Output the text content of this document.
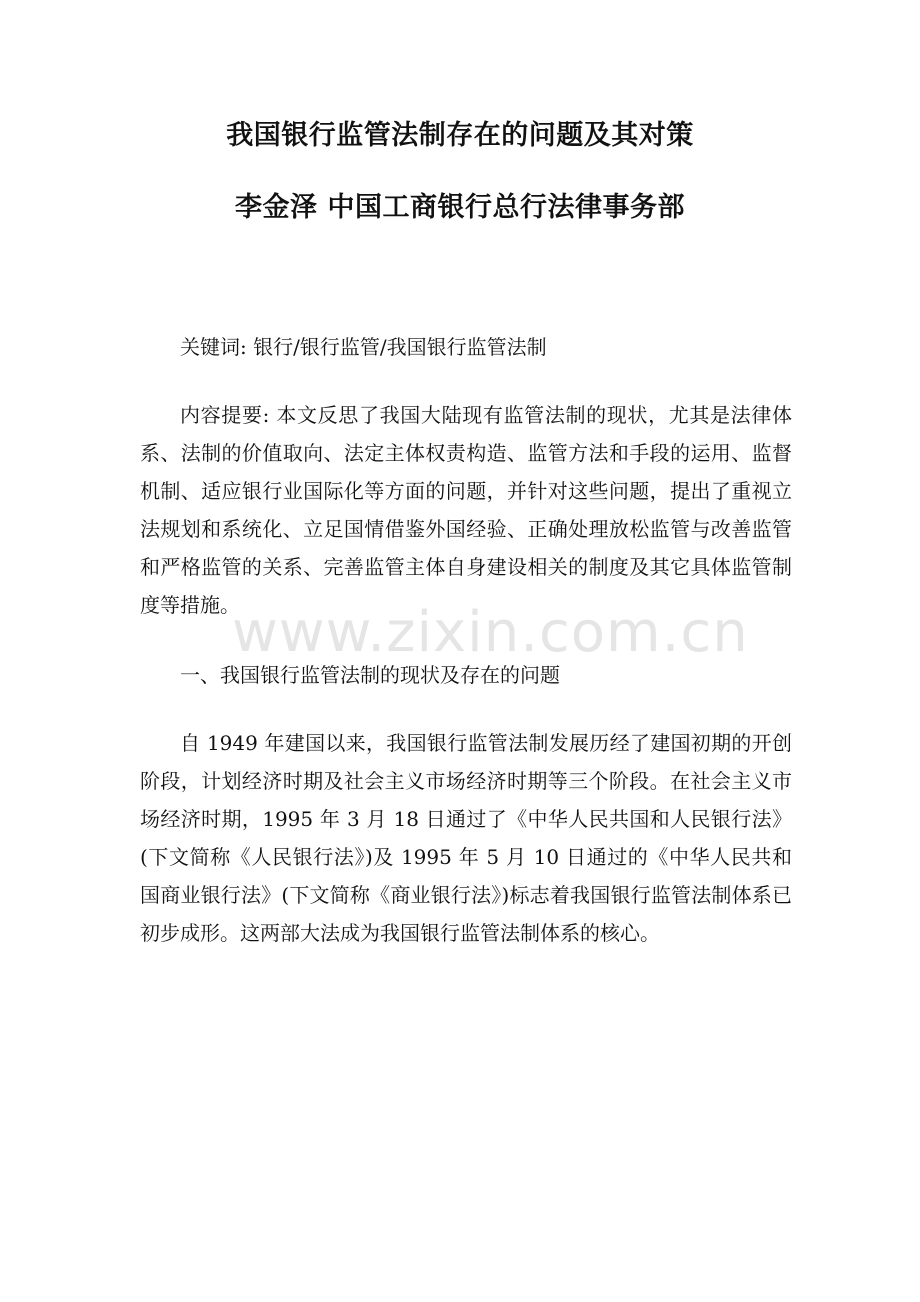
我国银行监管法制存在的问题及其对策
李金泽 中国工商银行总行法律事务部

关键词: 银行/银行监管/我国银行监管法制

内容提要: 本文反思了我国大陆现有监管法制的现状，尤其是法律体系、法制的价值取向、法定主体权责构造、监管方法和手段的运用、监督机制、适应银行业国际化等方面的问题，并针对这些问题，提出了重视立法规划和系统化、立足国情借鉴外国经验、正确处理放松监管与改善监管和严格监管的关系、完善监管主体自身建设相关的制度及其它具体监管制度等措施。

一、我国银行监管法制的现状及存在的问题

自 1949 年建国以来，我国银行监管法制发展历经了建国初期的开创阶段，计划经济时期及社会主义市场经济时期等三个阶段。在社会主义市场经济时期，1995 年 3 月 18 日通过了《中华人民共国和人民银行法》(下文简称《人民银行法》)及 1995 年 5 月 10 日通过的《中华人民共和国商业银行法》(下文简称《商业银行法》)标志着我国银行监管法制体系已初步成形。这两部大法成为我国银行监管法制体系的核心。

www.zixin.com.cn
